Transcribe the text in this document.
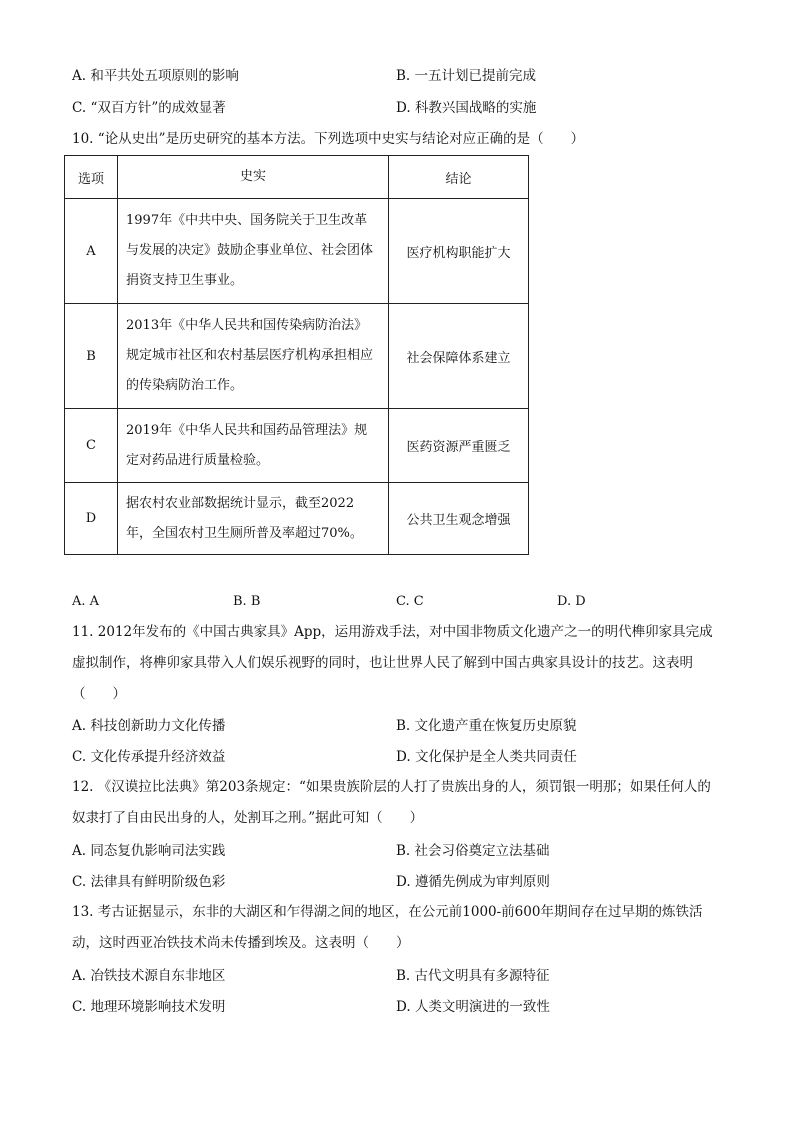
A. 和平共处五项原则的影响	B. 一五计划已提前完成
C. “双百方针”的成效显著	D. 科教兴国战略的实施
10. “论从史出”是历史研究的基本方法。下列选项中史实与结论对应正确的是（　　）
选项	史实	结论
A	1997年《中共中央、国务院关于卫生改革与发展的决定》鼓励企事业单位、社会团体捐资支持卫生事业。	医疗机构职能扩大
B	2013年《中华人民共和国传染病防治法》规定城市社区和农村基层医疗机构承担相应的传染病防治工作。	社会保障体系建立
C	2019年《中华人民共和国药品管理法》规定对药品进行质量检验。	医药资源严重匮乏
D	据农村农业部数据统计显示，截至2022年，全国农村卫生厕所普及率超过70%。	公共卫生观念增强
A. A	B. B	C. C	D. D
11. 2012年发布的《中国古典家具》App，运用游戏手法，对中国非物质文化遗产之一的明代榫卯家具完成虚拟制作，将榫卯家具带入人们娱乐视野的同时，也让世界人民了解到中国古典家具设计的技艺。这表明（　　）
A. 科技创新助力文化传播	B. 文化遗产重在恢复历史原貌
C. 文化传承提升经济效益	D. 文化保护是全人类共同责任
12. 《汉谟拉比法典》第203条规定：“如果贵族阶层的人打了贵族出身的人，须罚银一明那；如果任何人的奴隶打了自由民出身的人，处割耳之刑。”据此可知（　　）
A. 同态复仇影响司法实践	B. 社会习俗奠定立法基础
C. 法律具有鲜明阶级色彩	D. 遵循先例成为审判原则
13. 考古证据显示，东非的大湖区和乍得湖之间的地区，在公元前1000-前600年期间存在过早期的炼铁活动，这时西亚冶铁技术尚未传播到埃及。这表明（　　）
A. 冶铁技术源自东非地区	B. 古代文明具有多源特征
C. 地理环境影响技术发明	D. 人类文明演进的一致性
